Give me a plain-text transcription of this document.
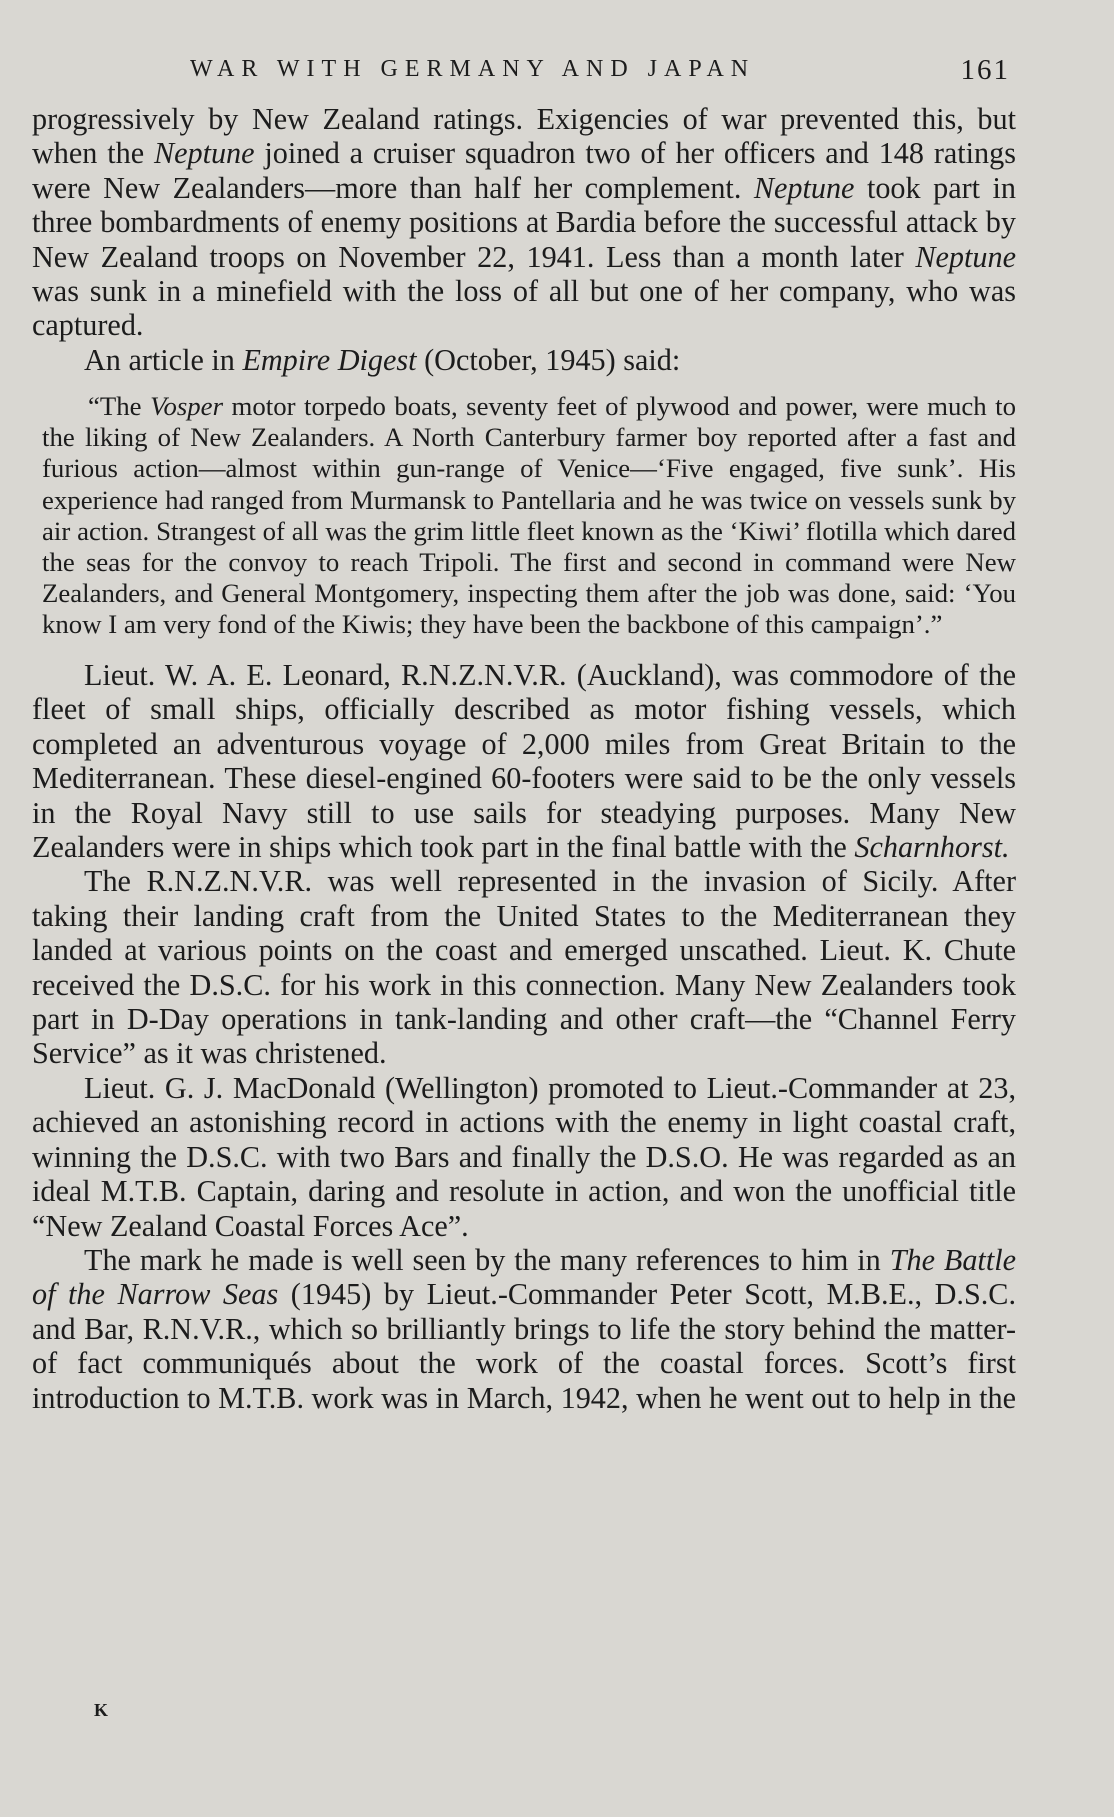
WAR WITH GERMANY AND JAPAN	161

progressively by New Zealand ratings. Exigencies of war prevented this, but when the Neptune joined a cruiser squadron two of her officers and 148 ratings were New Zealanders—more than half her complement. Neptune took part in three bombardments of enemy positions at Bardia before the successful attack by New Zealand troops on November 22, 1941. Less than a month later Neptune was sunk in a minefield with the loss of all but one of her company, who was captured.

An article in Empire Digest (October, 1945) said:

“The Vosper motor torpedo boats, seventy feet of plywood and power, were much to the liking of New Zealanders. A North Canterbury farmer boy reported after a fast and furious action—almost within gun-range of Venice—‘Five engaged, five sunk’. His experience had ranged from Murmansk to Pantellaria and he was twice on vessels sunk by air action. Strangest of all was the grim little fleet known as the ‘Kiwi’ flotilla which dared the seas for the convoy to reach Tripoli. The first and second in command were New Zealanders, and General Montgomery, inspecting them after the job was done, said: ‘You know I am very fond of the Kiwis; they have been the backbone of this campaign’.”

Lieut. W. A. E. Leonard, R.N.Z.N.V.R. (Auckland), was commodore of the fleet of small ships, officially described as motor fishing vessels, which completed an adventurous voyage of 2,000 miles from Great Britain to the Mediterranean. These diesel-engined 60-footers were said to be the only vessels in the Royal Navy still to use sails for steadying purposes. Many New Zealanders were in ships which took part in the final battle with the Scharnhorst.

The R.N.Z.N.V.R. was well represented in the invasion of Sicily. After taking their landing craft from the United States to the Mediterranean they landed at various points on the coast and emerged unscathed. Lieut. K. Chute received the D.S.C. for his work in this connection. Many New Zealanders took part in D-Day operations in tank-landing and other craft—the “Channel Ferry Service” as it was christened.

Lieut. G. J. MacDonald (Wellington) promoted to Lieut.-Commander at 23, achieved an astonishing record in actions with the enemy in light coastal craft, winning the D.S.C. with two Bars and finally the D.S.O. He was regarded as an ideal M.T.B. Captain, daring and resolute in action, and won the unofficial title “New Zealand Coastal Forces Ace”.

The mark he made is well seen by the many references to him in The Battle of the Narrow Seas (1945) by Lieut.-Commander Peter Scott, M.B.E., D.S.C. and Bar, R.N.V.R., which so brilliantly brings to life the story behind the matter-of fact communiqués about the work of the coastal forces. Scott’s first introduction to M.T.B. work was in March, 1942, when he went out to help in the

K
